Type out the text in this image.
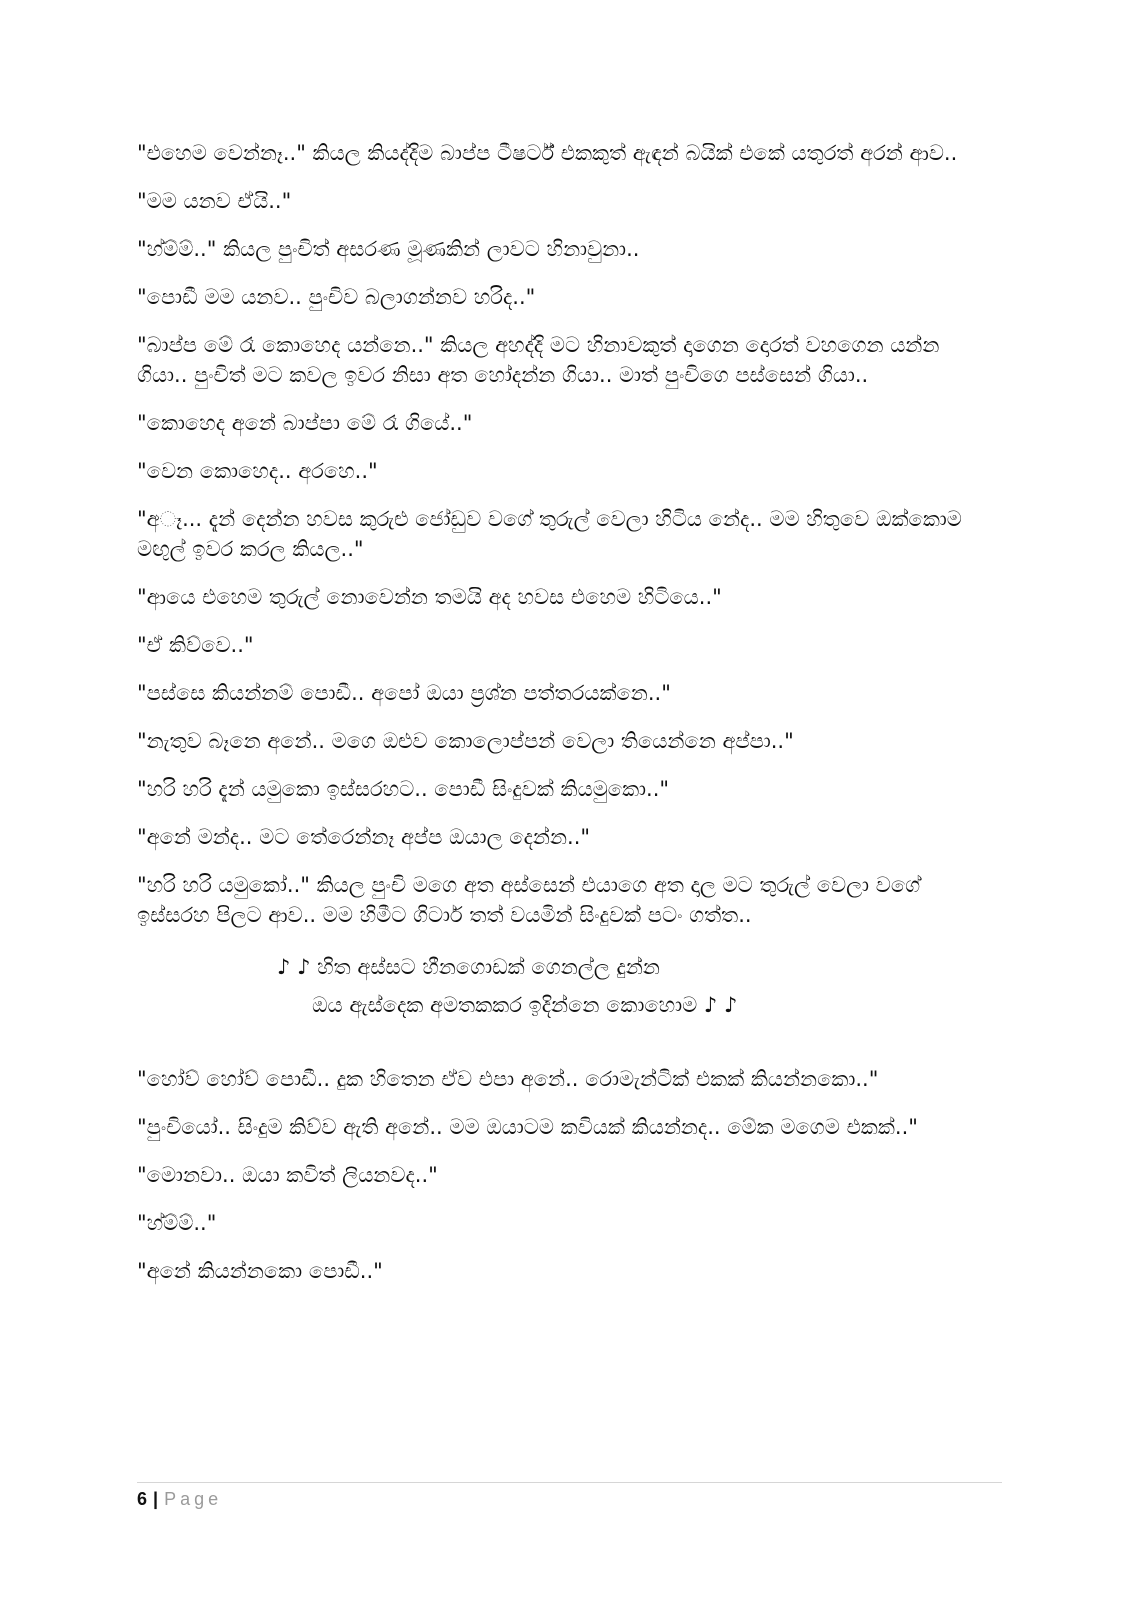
"එහෙම වෙන්නෑ.." කියල කියද්දිම බාප්ප ටීෂර්ට් එකකුත් ඇඳන් බයික් එකේ යතුරත් අරන් ආව..

"මම යනව ඒයි.."

"හ්ම්ම්.." කියල පුංචිත් අසරණ මූණකින් ලාවට හිනාවුනා..

"පොඩී මම යනව.. පුංචිව බලාගන්නව හරිද.."

"බාප්ප මේ රෑ කොහෙද යන්නෙ.." කියල අහද්දි මට හිනාවකුත් දාගෙන දොරත් වහගෙන යන්න ගියා.. පුංචිත් මට කවල ඉවර නිසා අත හෝදන්න ගියා.. මාත් පුංචිගෙ පස්සෙන් ගියා..

"කොහෙද අනේ බාප්පා මේ රෑ ගියේ.."

"වෙන කොහෙද.. අරහෙ.."

"අෑ... දැන් දෙන්න හවස කුරුළු ජෝඩුව වගේ තුරුල් වෙලා හිටිය නේද.. මම හිතුවෙ ඔක්කොම මඟුල් ඉවර කරල කියල.."

"ආයෙ එහෙම තුරුල් නොවෙන්න තමයි අද හවස එහෙම හිටියෙ.."

"ඒ කිව්වෙ.."

"පස්සෙ කියන්නම් පොඩී.. අපෝ ඔයා ප්‍රශ්න පත්තරයක්නෙ.."

"නැතුව බෑනෙ අනේ.. මගෙ ඔළුව කොලොප්පන් වෙලා තියෙන්නෙ අප්පා.."

"හරි හරි දැන් යමුකො ඉස්සරහට.. පොඩී සිංදුවක් කියමුකො.."

"අනේ මන්ද.. මට තේරෙන්නෑ අප්ප ඔයාල දෙන්න.."

"හරි හරි යමුකෝ.." කියල පුංචි මගෙ අත අස්සෙන් එයාගෙ අත දාල මට තුරුල් වෙලා වගේ ඉස්සරහ පිලට ආව.. මම හිමීට ගිටාර් තත් වයමින් සිංදුවක් පටං ගත්ත..

♪ ♪ හිත අස්සට හීනගොඩක් ගෙනල්ල දුන්න
ඔය ඇස්දෙක අමතකකර ඉදින්නෙ කොහොම ♪ ♪

"හෝව් හෝව් පොඩී.. දුක හිතෙන ඒව එපා අනේ.. රොමැන්ටික් එකක් කියන්නකො.."

"පුංචියෝ.. සිංදුම කිව්ව ඇති අනේ.. මම ඔයාටම කවියක් කියන්නද.. මේක මගෙම එකක්.."

"මොනවා.. ඔයා කවිත් ලියනවද.."

"හ්ම්ම්.."

"අනේ කියන්නකො පොඩී.."

6 | Page
